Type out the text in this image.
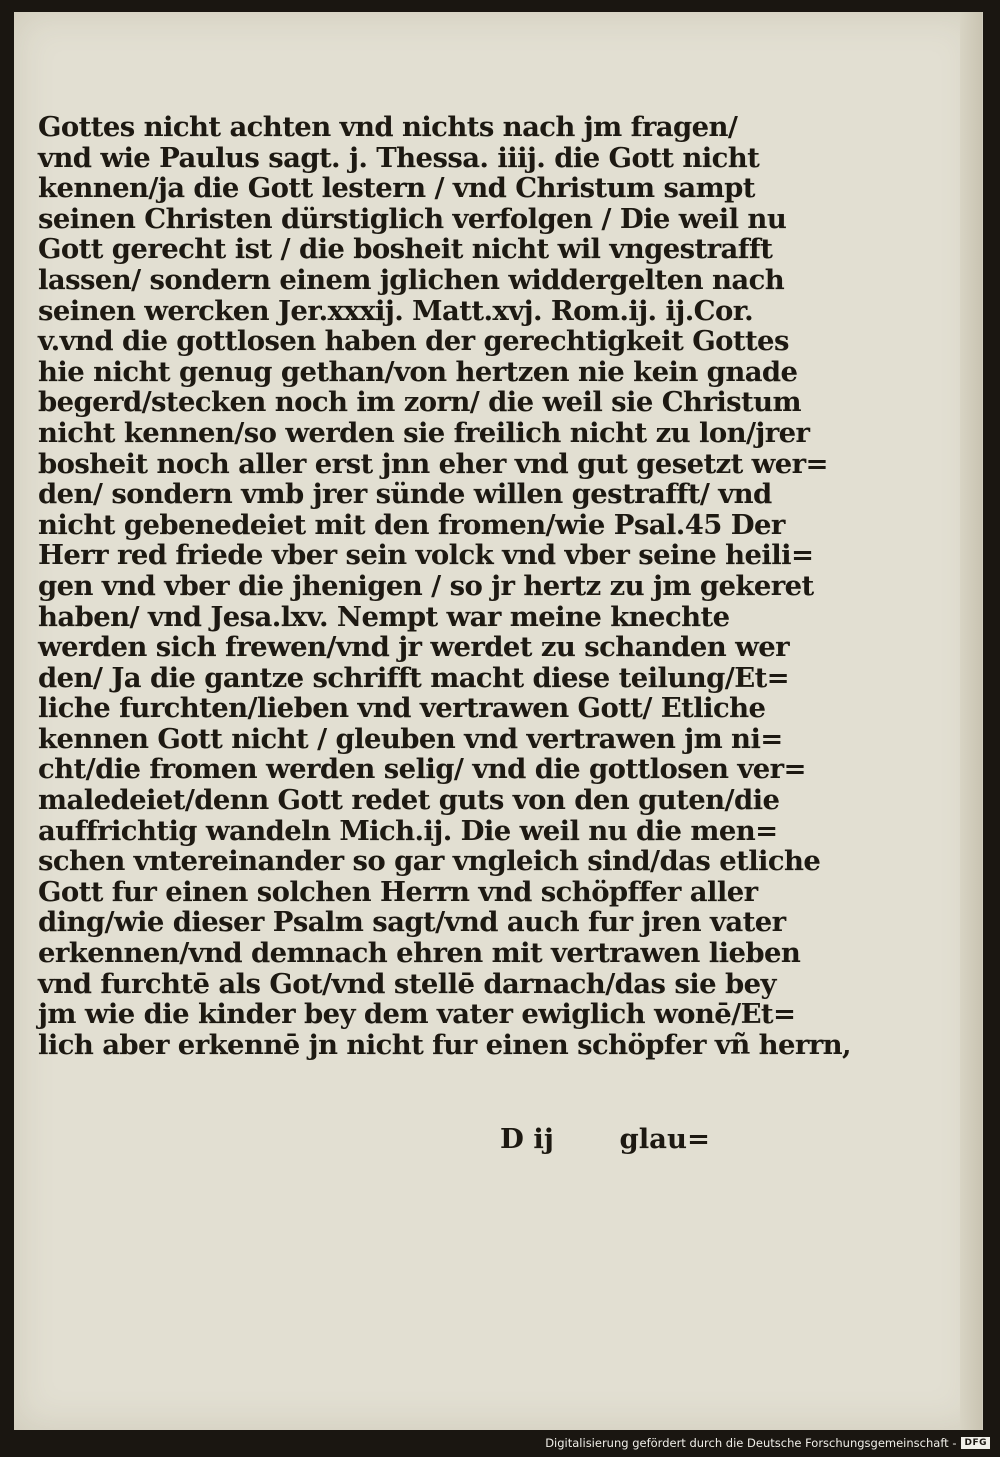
Gottes nicht achten vnd nichts nach jm fragen/
vnd wie Paulus sagt. j. Thessa. iiij. die Gott nicht
kennen/ja die Gott lestern / vnd Christum sampt
seinen Christen dürstiglich verfolgen / Die weil nu
Gott gerecht ist / die bosheit nicht wil vngestrafft
lassen/ sondern einem jglichen widdergelten nach
seinen wercken Jer.xxxij. Matt.xvj. Rom.ij. ij.Cor.
v.vnd die gottlosen haben der gerechtigkeit Gottes
hie nicht genug gethan/von hertzen nie kein gnade
begerd/stecken noch im zorn/ die weil sie Christum
nicht kennen/so werden sie freilich nicht zu lon/jrer
bosheit noch aller erst jnn eher vnd gut gesetzt wer=
den/ sondern vmb jrer sünde willen gestrafft/ vnd
nicht gebenedeiet mit den fromen/wie Psal.45 Der
Herr red friede vber sein volck vnd vber seine heili=
gen vnd vber die jhenigen / so jr hertz zu jm gekeret
haben/ vnd Jesa.lxv. Nempt war meine knechte
werden sich frewen/vnd jr werdet zu schanden wer
den/ Ja die gantze schrifft macht diese teilung/Et=
liche furchten/lieben vnd vertrawen Gott/ Etliche
kennen Gott nicht / gleuben vnd vertrawen jm ni=
cht/die fromen werden selig/ vnd die gottlosen ver=
maledeiet/denn Gott redet guts von den guten/die
auffrichtig wandeln Mich.ij. Die weil nu die men=
schen vntereinander so gar vngleich sind/das etliche
Gott fur einen solchen Herrn vnd schöpffer aller
ding/wie dieser Psalm sagt/vnd auch fur jren vater
erkennen/vnd demnach ehren mit vertrawen lieben
vnd furchtē als Got/vnd stellē darnach/das sie bey
jm wie die kinder bey dem vater ewiglich wonē/Et=
lich aber erkennē jn nicht fur einen schöpfer vñ herrn,
D ij glau=
Digitalisierung gefördert durch die Deutsche Forschungsgemeinschaft - DFG
